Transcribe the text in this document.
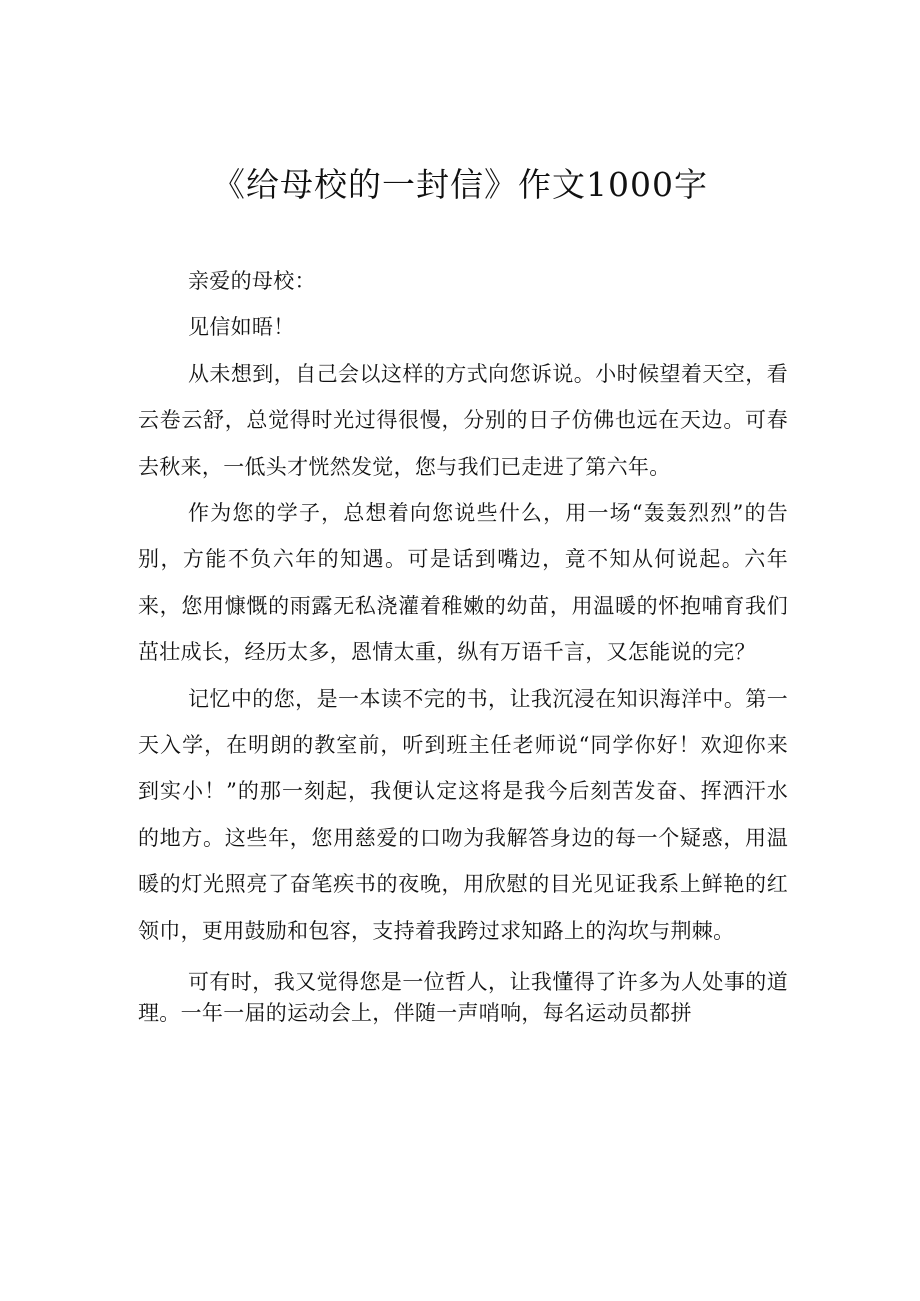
《给母校的一封信》作文1000字

亲爱的母校：

见信如晤！

从未想到，自己会以这样的方式向您诉说。小时候望着天空，看云卷云舒，总觉得时光过得很慢，分别的日子仿佛也远在天边。可春去秋来，一低头才恍然发觉，您与我们已走进了第六年。

作为您的学子，总想着向您说些什么，用一场“轰轰烈烈”的告别，方能不负六年的知遇。可是话到嘴边，竟不知从何说起。六年来，您用慷慨的雨露无私浇灌着稚嫩的幼苗，用温暖的怀抱哺育我们茁壮成长，经历太多，恩情太重，纵有万语千言，又怎能说的完？

记忆中的您，是一本读不完的书，让我沉浸在知识海洋中。第一天入学，在明朗的教室前，听到班主任老师说“同学你好！欢迎你来到实小！”的那一刻起，我便认定这将是我今后刻苦发奋、挥洒汗水的地方。这些年，您用慈爱的口吻为我解答身边的每一个疑惑，用温暖的灯光照亮了奋笔疾书的夜晚，用欣慰的目光见证我系上鲜艳的红领巾，更用鼓励和包容，支持着我跨过求知路上的沟坎与荆棘。

可有时，我又觉得您是一位哲人，让我懂得了许多为人处事的道理。一年一届的运动会上，伴随一声哨响，每名运动员都拼
